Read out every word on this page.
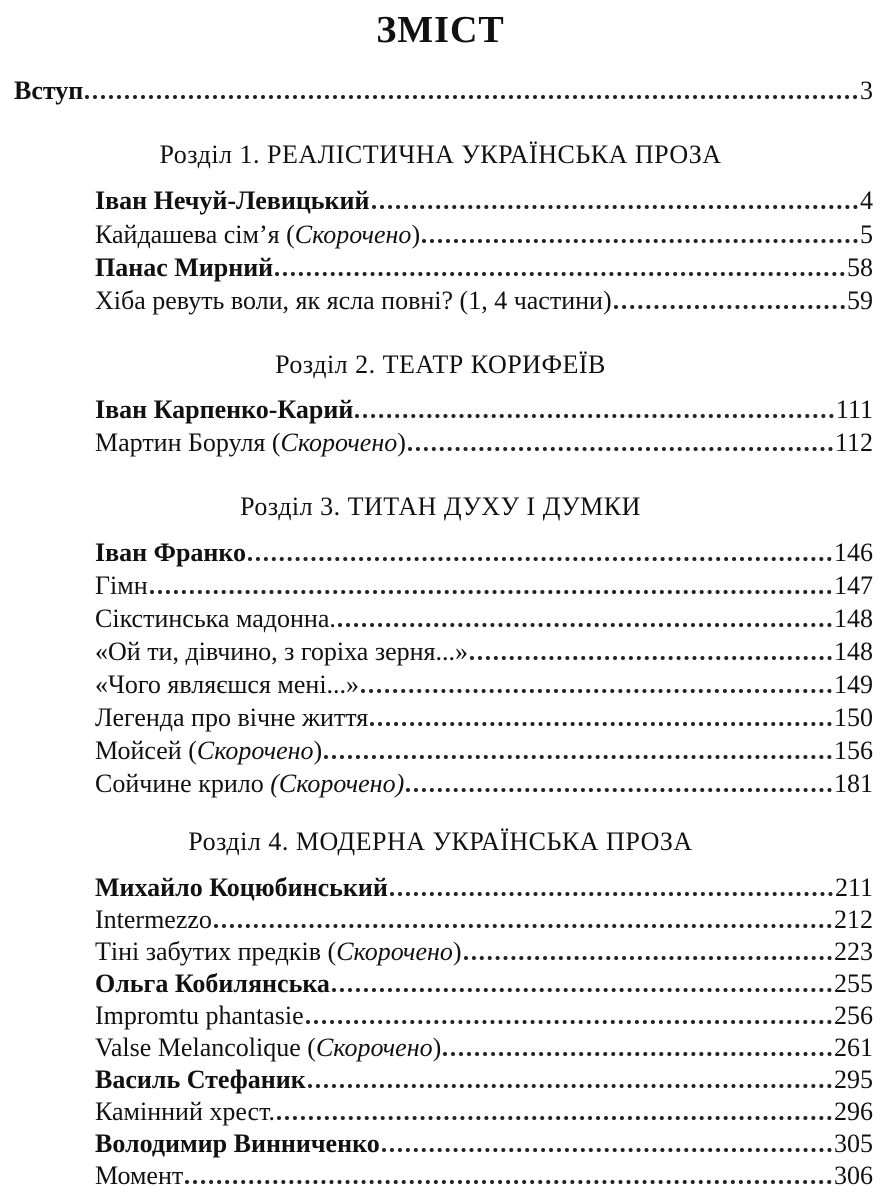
ЗМІСТ
Вступ	3
Розділ 1. РЕАЛІСТИЧНА УКРАЇНСЬКА ПРОЗА
Іван Нечуй-Левицький	4
Кайдашева сім’я (Скорочено)	5
Панас Мирний	58
Хіба ревуть воли, як ясла повні? (1, 4 частини)	59
Розділ 2. ТЕАТР КОРИФЕЇВ
Іван Карпенко-Карий	111
Мартин Боруля (Скорочено)	112
Розділ 3. ТИТАН ДУХУ І ДУМКИ
Іван Франко	146
Гімн	147
Сікстинська мадонна.	148
«Ой ти, дівчино, з горіха зерня...»	148
«Чого являєшся мені...»	149
Легенда про вічне життя	150
Мойсей (Скорочено)	156
Сойчине крило (Скорочено)	181
Розділ 4. МОДЕРНА УКРАЇНСЬКА ПРОЗА
Михайло Коцюбинський	211
Intermezzo	212
Тіні забутих предків (Скорочено)	223
Ольга Кобилянська	255
Impromtu phantasie	256
Valse Melancolique (Скорочено)	261
Василь Стефаник	295
Камінний хрест.	296
Володимир Винниченко	305
Момент	306
